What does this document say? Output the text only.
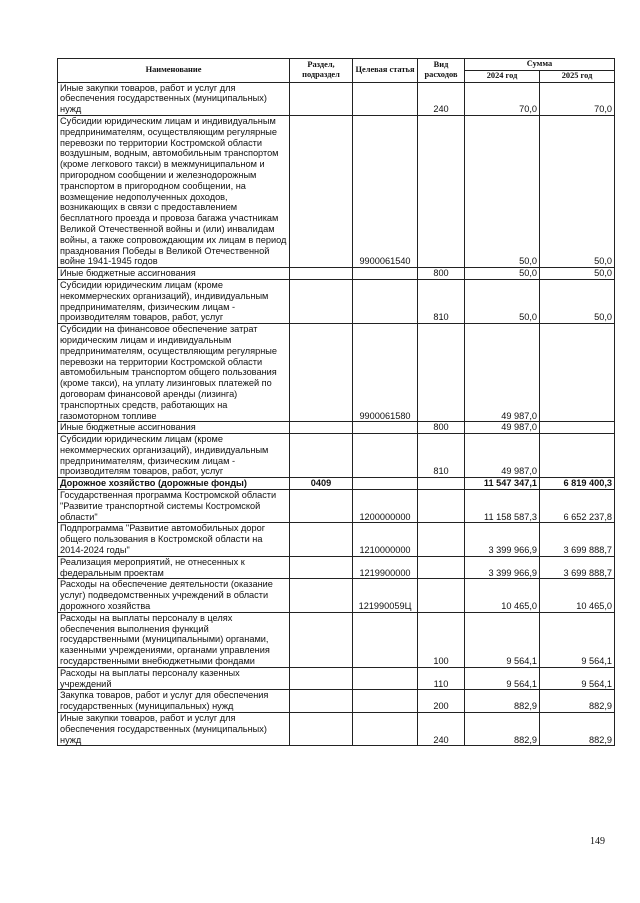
Наименование	Раздел, подраздел	Целевая статья	Вид расходов	Сумма	
				2024 год	2025 год
Иные закупки товаров, работ и услуг для обеспечения государственных (муниципальных) нужд			240	70,0	70,0
Субсидии юридическим лицам и индивидуальным предпринимателям, осуществляющим регулярные перевозки по территории Костромской области воздушным, водным, автомобильным транспортом (кроме легкового такси) в межмуниципальном и пригородном сообщении и железнодорожным транспортом в пригородном сообщении, на возмещение недополученных доходов, возникающих в связи с предоставлением бесплатного проезда и провоза багажа участникам Великой Отечественной войны и (или) инвалидам войны, а также сопровождающим их лицам в период празднования Победы в Великой Отечественной войне 1941-1945 годов		9900061540		50,0	50,0
Иные бюджетные ассигнования			800	50,0	50,0
Субсидии юридическим лицам (кроме некоммерческих организаций), индивидуальным предпринимателям, физическим лицам - производителям товаров, работ, услуг			810	50,0	50,0
Субсидии на финансовое обеспечение затрат юридическим лицам и индивидуальным предпринимателям, осуществляющим регулярные перевозки на территории Костромской области автомобильным транспортом общего пользования (кроме такси), на уплату лизинговых платежей по договорам финансовой аренды (лизинга) транспортных средств, работающих на газомоторном топливе		9900061580		49 987,0	
Иные бюджетные ассигнования			800	49 987,0	
Субсидии юридическим лицам (кроме некоммерческих организаций), индивидуальным предпринимателям, физическим лицам - производителям товаров, работ, услуг			810	49 987,0	
Дорожное хозяйство (дорожные фонды)	0409			11 547 347,1	6 819 400,3
Государственная программа Костромской области "Развитие транспортной системы Костромской области"		1200000000		11 158 587,3	6 652 237,8
Подпрограмма "Развитие автомобильных дорог общего пользования в Костромской области на 2014-2024 годы"		1210000000		3 399 966,9	3 699 888,7
Реализация мероприятий, не отнесенных к федеральным проектам		1219900000		3 399 966,9	3 699 888,7
Расходы на обеспечение деятельности (оказание услуг) подведомственных учреждений в области дорожного хозяйства		121990059Ц		10 465,0	10 465,0
Расходы на выплаты персоналу в целях обеспечения выполнения функций государственными (муниципальными) органами, казенными учреждениями, органами управления государственными внебюджетными фондами			100	9 564,1	9 564,1
Расходы на выплаты персоналу казенных учреждений			110	9 564,1	9 564,1
Закупка товаров, работ и услуг для обеспечения государственных (муниципальных) нужд			200	882,9	882,9
Иные закупки товаров, работ и услуг для обеспечения государственных (муниципальных) нужд			240	882,9	882,9
149
